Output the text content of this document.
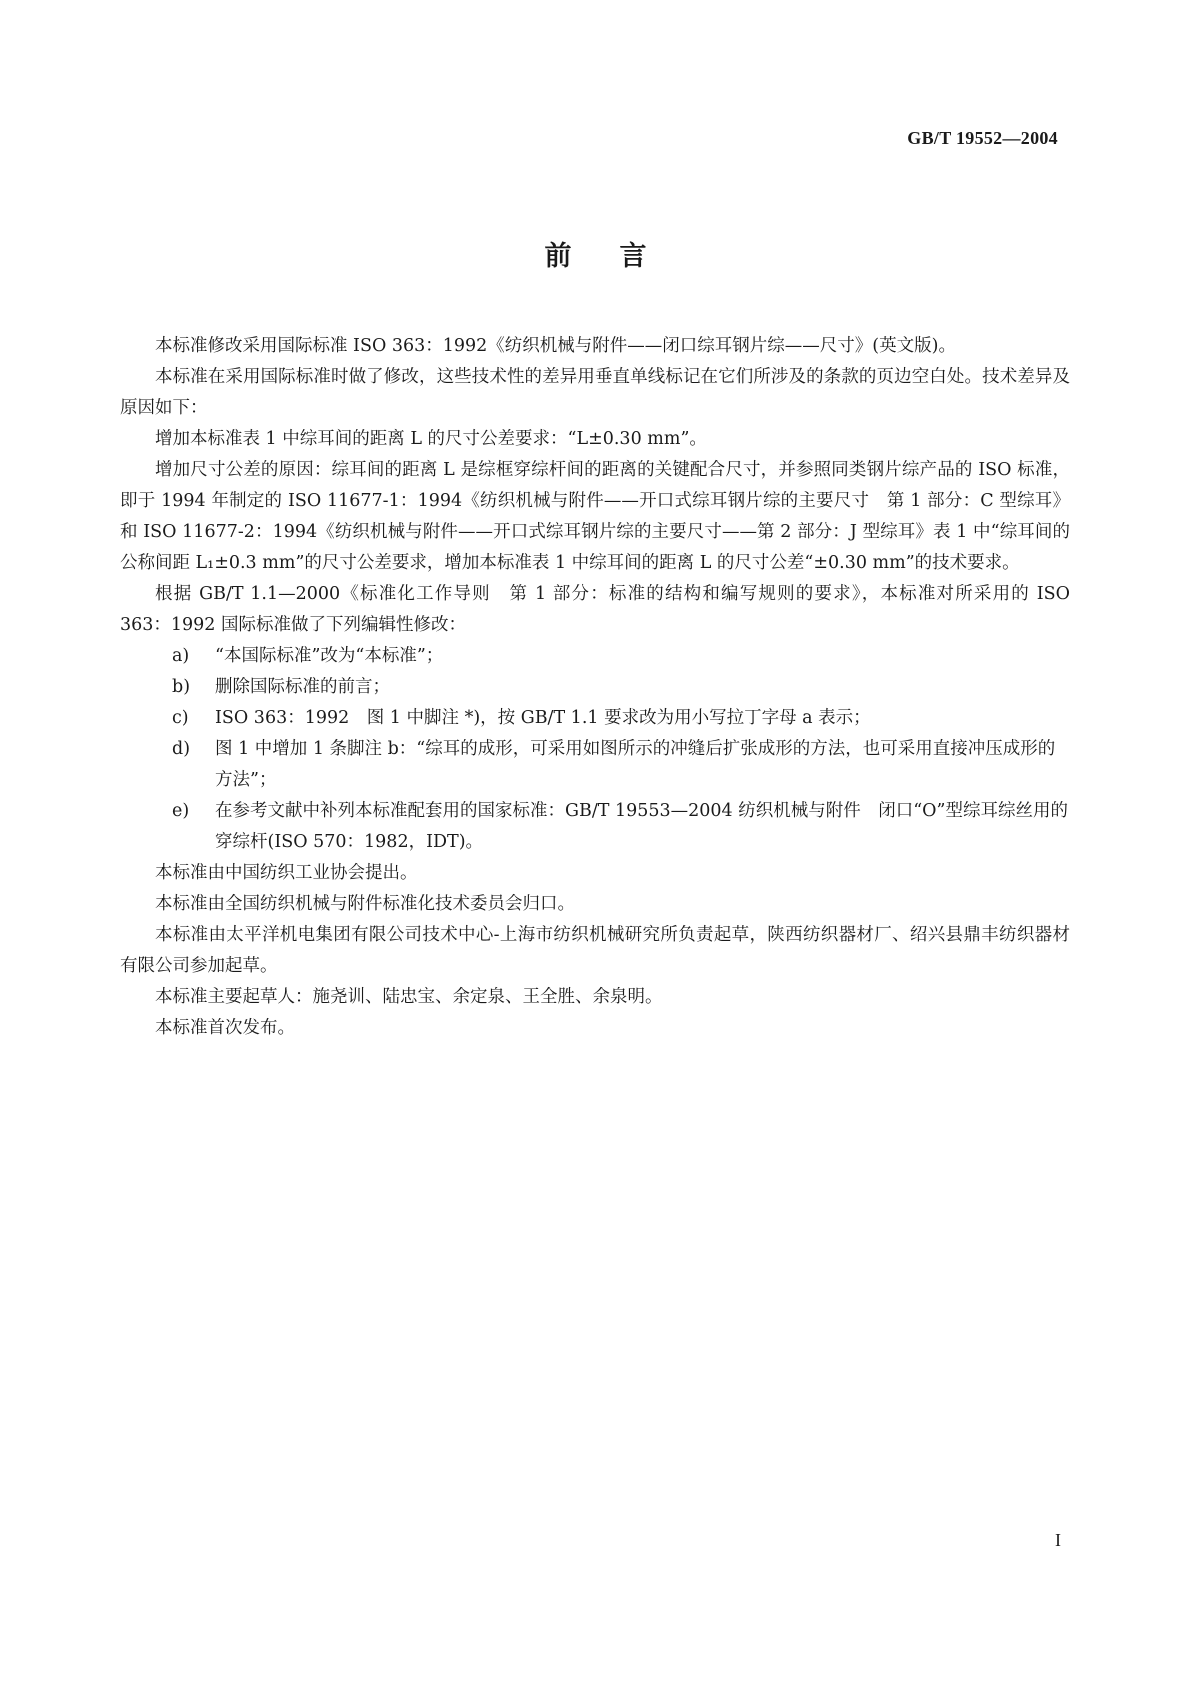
GB/T 19552—2004
前言

本标准修改采用国际标准 ISO 363：1992《纺织机械与附件——闭口综耳钢片综——尺寸》(英文版)。

本标准在采用国际标准时做了修改，这些技术性的差异用垂直单线标记在它们所涉及的条款的页边空白处。技术差异及原因如下：

增加本标准表 1 中综耳间的距离 L 的尺寸公差要求：“L±0.30 mm”。

增加尺寸公差的原因：综耳间的距离 L 是综框穿综杆间的距离的关键配合尺寸，并参照同类钢片综产品的 ISO 标准，即于 1994 年制定的 ISO 11677-1：1994《纺织机械与附件——开口式综耳钢片综的主要尺寸　第 1 部分：C 型综耳》和 ISO 11677-2：1994《纺织机械与附件——开口式综耳钢片综的主要尺寸——第 2 部分：J 型综耳》表 1 中“综耳间的公称间距 L₁±0.3 mm”的尺寸公差要求，增加本标准表 1 中综耳间的距离 L 的尺寸公差“±0.30 mm”的技术要求。

根据 GB/T 1.1—2000《标准化工作导则　第 1 部分：标准的结构和编写规则的要求》，本标准对所采用的 ISO 363：1992 国际标准做了下列编辑性修改：

a)	“本国际标准”改为“本标准”；
b)	删除国际标准的前言；
c)	ISO 363：1992　图 1 中脚注 *)，按 GB/T 1.1 要求改为用小写拉丁字母 a 表示；
d)	图 1 中增加 1 条脚注 b：“综耳的成形，可采用如图所示的冲缝后扩张成形的方法，也可采用直接冲压成形的方法”；
e)	在参考文献中补列本标准配套用的国家标准：GB/T 19553—2004 纺织机械与附件　闭口“O”型综耳综丝用的穿综杆(ISO 570：1982，IDT)。

本标准由中国纺织工业协会提出。

本标准由全国纺织机械与附件标准化技术委员会归口。

本标准由太平洋机电集团有限公司技术中心-上海市纺织机械研究所负责起草，陕西纺织器材厂、绍兴县鼎丰纺织器材有限公司参加起草。

本标准主要起草人：施尧训、陆忠宝、余定泉、王全胜、余泉明。

本标准首次发布。

I
